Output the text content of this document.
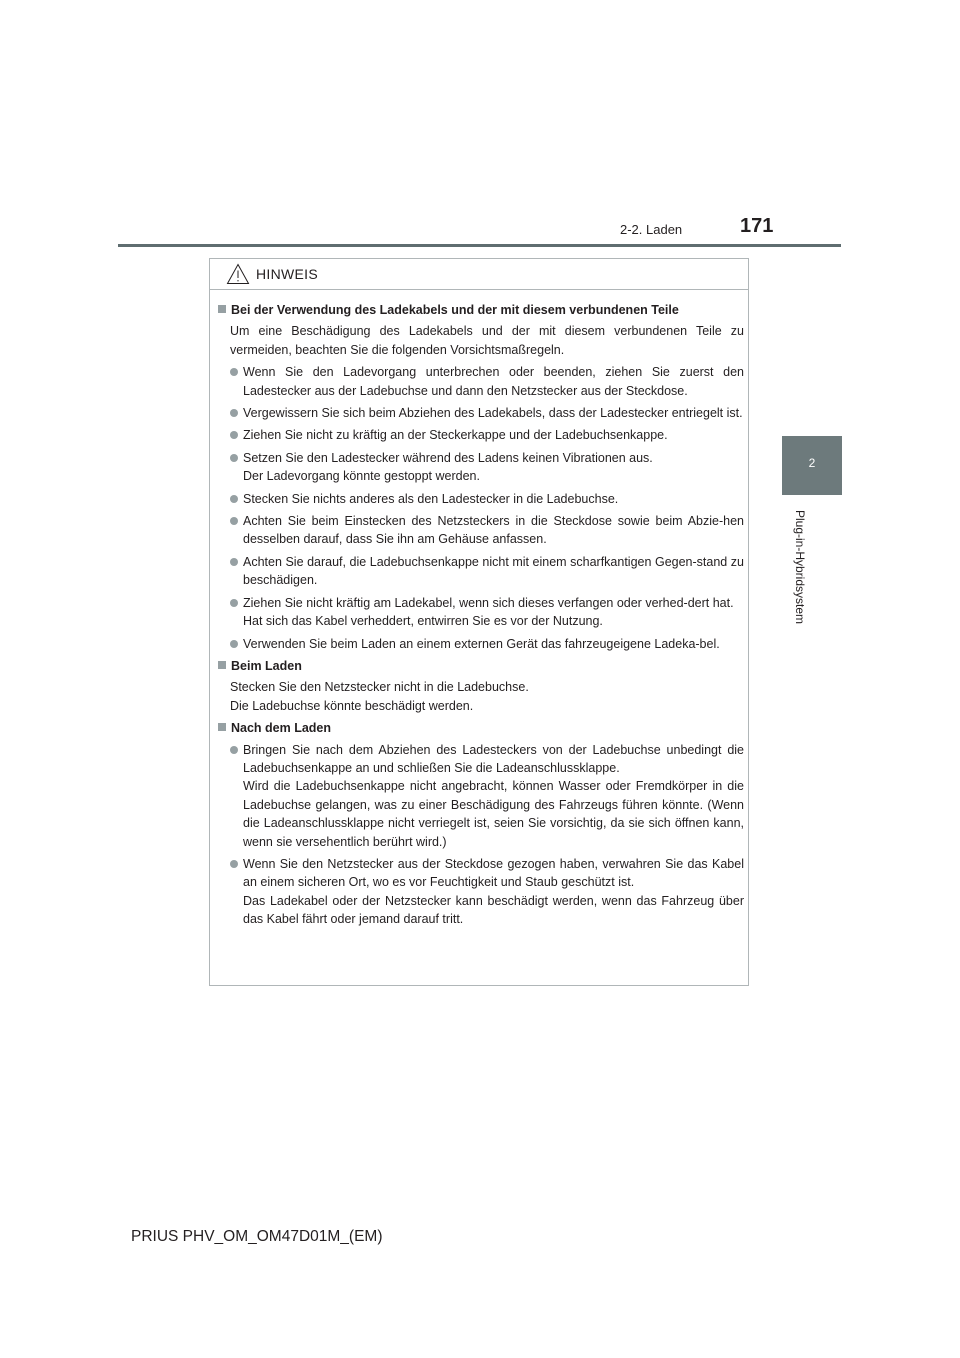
2-2. Laden	171
2
Plug-in-Hybridsystem
HINWEIS
Bei der Verwendung des Ladekabels und der mit diesem verbundenen Teile
Um eine Beschädigung des Ladekabels und der mit diesem verbundenen Teile zu vermeiden, beachten Sie die folgenden Vorsichtsmaßregeln.
Wenn Sie den Ladevorgang unterbrechen oder beenden, ziehen Sie zuerst den Ladestecker aus der Ladebuchse und dann den Netzstecker aus der Steckdose.
Vergewissern Sie sich beim Abziehen des Ladekabels, dass der Ladestecker entriegelt ist.
Ziehen Sie nicht zu kräftig an der Steckerkappe und der Ladebuchsenkappe.
Setzen Sie den Ladestecker während des Ladens keinen Vibrationen aus.
Der Ladevorgang könnte gestoppt werden.
Stecken Sie nichts anderes als den Ladestecker in die Ladebuchse.
Achten Sie beim Einstecken des Netzsteckers in die Steckdose sowie beim Abzie-hen desselben darauf, dass Sie ihn am Gehäuse anfassen.
Achten Sie darauf, die Ladebuchsenkappe nicht mit einem scharfkantigen Gegen-stand zu beschädigen.
Ziehen Sie nicht kräftig am Ladekabel, wenn sich dieses verfangen oder verhed-dert hat.
Hat sich das Kabel verheddert, entwirren Sie es vor der Nutzung.
Verwenden Sie beim Laden an einem externen Gerät das fahrzeugeigene Ladeka-bel.
Beim Laden
Stecken Sie den Netzstecker nicht in die Ladebuchse.
Die Ladebuchse könnte beschädigt werden.
Nach dem Laden
Bringen Sie nach dem Abziehen des Ladesteckers von der Ladebuchse unbedingt die Ladebuchsenkappe an und schließen Sie die Ladeanschlussklappe.
Wird die Ladebuchsenkappe nicht angebracht, können Wasser oder Fremdkörper in die Ladebuchse gelangen, was zu einer Beschädigung des Fahrzeugs führen könnte. (Wenn die Ladeanschlussklappe nicht verriegelt ist, seien Sie vorsichtig, da sie sich öffnen kann, wenn sie versehentlich berührt wird.)
Wenn Sie den Netzstecker aus der Steckdose gezogen haben, verwahren Sie das Kabel an einem sicheren Ort, wo es vor Feuchtigkeit und Staub geschützt ist.
Das Ladekabel oder der Netzstecker kann beschädigt werden, wenn das Fahrzeug über das Kabel fährt oder jemand darauf tritt.
PRIUS PHV_OM_OM47D01M_(EM)
